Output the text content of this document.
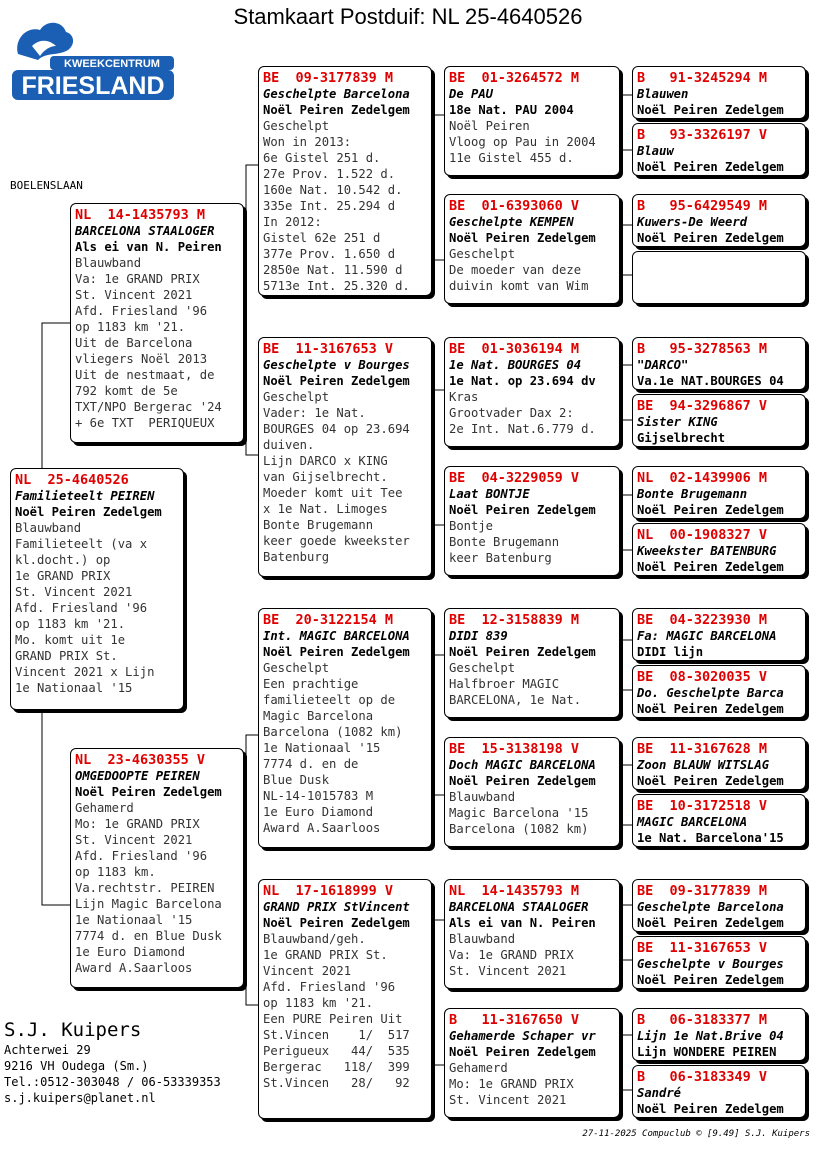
Stamkaart Postduif: NL 25-4640526
KWEEKCENTRUM
FRIESLAND
BOELENSLAAN
NL  25-4640526
Familieteelt PEIREN
Noël Peiren Zedelgem
Blauwband
Familieteelt (va x
kl.docht.) op
1e GRAND PRIX
St. Vincent 2021
Afd. Friesland '96
op 1183 km '21.
Mo. komt uit 1e
GRAND PRIX St.
Vincent 2021 x Lijn
1e Nationaal '15
NL  14-1435793 M
BARCELONA STAALOGER
Als ei van N. Peiren
Blauwband
Va: 1e GRAND PRIX
St. Vincent 2021
Afd. Friesland '96
op 1183 km '21.
Uit de Barcelona
vliegers Noël 2013
Uit de nestmaat, de
792 komt de 5e
TXT/NPO Bergerac '24
+ 6e TXT  PERIQUEUX
NL  23-4630355 V
OMGEDOOPTE PEIREN
Noël Peiren Zedelgem
Gehamerd
Mo: 1e GRAND PRIX
St. Vincent 2021
Afd. Friesland '96
op 1183 km.
Va.rechtstr. PEIREN
Lijn Magic Barcelona
1e Nationaal '15
7774 d. en Blue Dusk
1e Euro Diamond
Award A.Saarloos
BE  09-3177839 M
Geschelpte Barcelona
Noël Peiren Zedelgem
Geschelpt
Won in 2013:
6e Gistel 251 d.
27e Prov. 1.522 d.
160e Nat. 10.542 d.
335e Int. 25.294 d
In 2012:
Gistel 62e 251 d
377e Prov. 1.650 d
2850e Nat. 11.590 d
5713e Int. 25.320 d.
BE  11-3167653 V
Geschelpte v Bourges
Noël Peiren Zedelgem
Geschelpt
Vader: 1e Nat.
BOURGES 04 op 23.694
duiven.
Lijn DARCO x KING
van Gijselbrecht.
Moeder komt uit Tee
x 1e Nat. Limoges
Bonte Brugemann
keer goede kweekster
Batenburg
BE  20-3122154 M
Int. MAGIC BARCELONA
Noël Peiren Zedelgem
Geschelpt
Een prachtige
familieteelt op de
Magic Barcelona
Barcelona (1082 km)
1e Nationaal '15
7774 d. en de
Blue Dusk
NL-14-1015783 M
1e Euro Diamond
Award A.Saarloos
NL  17-1618999 V
GRAND PRIX StVincent
Noël Peiren Zedelgem
Blauwband/geh.
1e GRAND PRIX St.
Vincent 2021
Afd. Friesland '96
op 1183 km '21.
Een PURE Peiren Uit
St.Vincen    1/  517
Perigueux   44/  535
Bergerac   118/  399
St.Vincen   28/   92
BE  01-3264572 M
De PAU
18e Nat. PAU 2004
Noël Peiren
Vloog op Pau in 2004
11e Gistel 455 d.
BE  01-6393060 V
Geschelpte KEMPEN
Noël Peiren Zedelgem
Geschelpt
De moeder van deze
duivin komt van Wim
BE  01-3036194 M
1e Nat. BOURGES 04
1e Nat. op 23.694 dv
Kras
Grootvader Dax 2:
2e Int. Nat.6.779 d.
BE  04-3229059 V
Laat BONTJE
Noël Peiren Zedelgem
Bontje
Bonte Brugemann
keer Batenburg
BE  12-3158839 M
DIDI 839
Noël Peiren Zedelgem
Geschelpt
Halfbroer MAGIC
BARCELONA, 1e Nat.
BE  15-3138198 V
Doch MAGIC BARCELONA
Noël Peiren Zedelgem
Blauwband
Magic Barcelona '15
Barcelona (1082 km)
NL  14-1435793 M
BARCELONA STAALOGER
Als ei van N. Peiren
Blauwband
Va: 1e GRAND PRIX
St. Vincent 2021
B   11-3167650 V
Gehamerde Schaper vr
Noël Peiren Zedelgem
Gehamerd
Mo: 1e GRAND PRIX
St. Vincent 2021
B   91-3245294 M
Blauwen
Noël Peiren Zedelgem
B   93-3326197 V
Blauw
Noël Peiren Zedelgem
B   95-6429549 M
Kuwers-De Weerd
Noël Peiren Zedelgem
B   95-3278563 M
"DARCO"
Va.1e NAT.BOURGES 04
BE  94-3296867 V
Sister KING
Gijselbrecht
NL  02-1439906 M
Bonte Brugemann
Noël Peiren Zedelgem
NL  00-1908327 V
Kweekster BATENBURG
Noël Peiren Zedelgem
BE  04-3223930 M
Fa: MAGIC BARCELONA
DIDI lijn
BE  08-3020035 V
Do. Geschelpte Barca
Noël Peiren Zedelgem
BE  11-3167628 M
Zoon BLAUW WITSLAG
Noël Peiren Zedelgem
BE  10-3172518 V
MAGIC BARCELONA
1e Nat. Barcelona'15
BE  09-3177839 M
Geschelpte Barcelona
Noël Peiren Zedelgem
BE  11-3167653 V
Geschelpte v Bourges
Noël Peiren Zedelgem
B   06-3183377 M
Lijn 1e Nat.Brive 04
Lijn WONDERE PEIREN
B   06-3183349 V
Sandré
Noël Peiren Zedelgem
S.J. Kuipers
Achterwei 29
9216 VH Oudega (Sm.)
Tel.:0512-303048 / 06-53339353
s.j.kuipers@planet.nl
27-11-2025 Compuclub © [9.49] S.J. Kuipers
